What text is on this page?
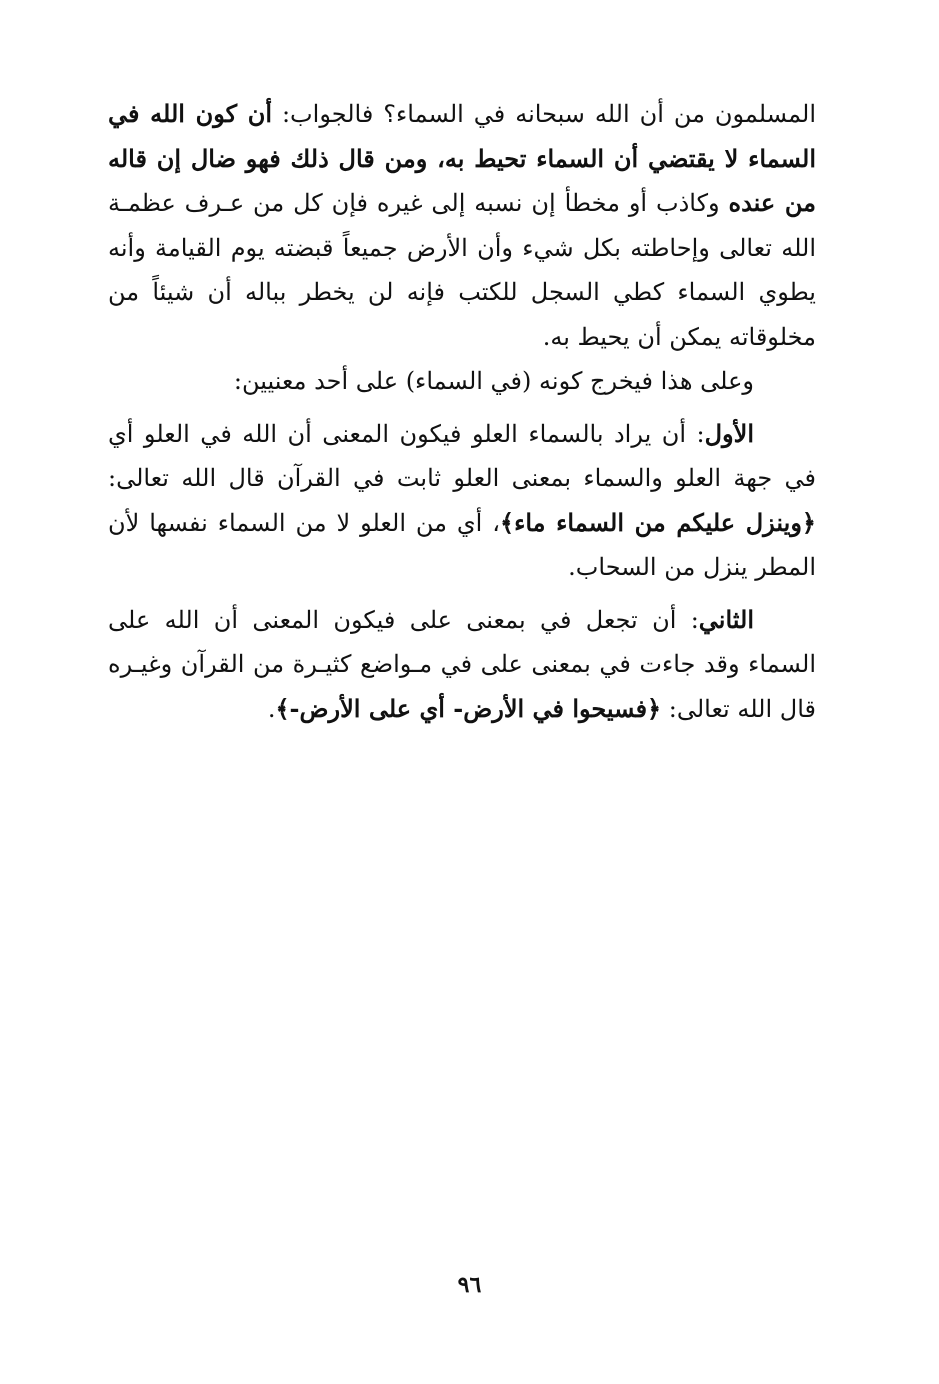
المسلمون من أن الله سبحانه في السماء؟ فالجواب: أن كون الله في السماء لا يقتضي أن السماء تحيط به، ومن قال ذلك فهو ضال إن قاله من عنده وكاذب أو مخطأ إن نسبه إلى غيره فإن كل من عـرف عظمـة الله تعالى وإحاطته بكل شيء وأن الأرض جميعاً قبضته يوم القيامة وأنه يطوي السماء كطي السجل للكتب فإنه لن يخطر بباله أن شيئاً من مخلوقاته يمكن أن يحيط به.

وعلى هذا فيخرج كونه (في السماء) على أحد معنيين:

الأول: أن يراد بالسماء العلو فيكون المعنى أن الله في العلو أي في جهة العلو والسماء بمعنى العلو ثابت في القرآن قال الله تعالى: ﴿وينزل عليكم من السماء ماء﴾، أي من العلو لا من السماء نفسها لأن المطر ينزل من السحاب.

الثاني: أن تجعل في بمعنى على فيكون المعنى أن الله على السماء وقد جاءت في بمعنى على في مـواضع كثيـرة من القرآن وغيـره قال الله تعالى: ﴿فسيحوا في الأرض- أي على الأرض-﴾.

٩٦
